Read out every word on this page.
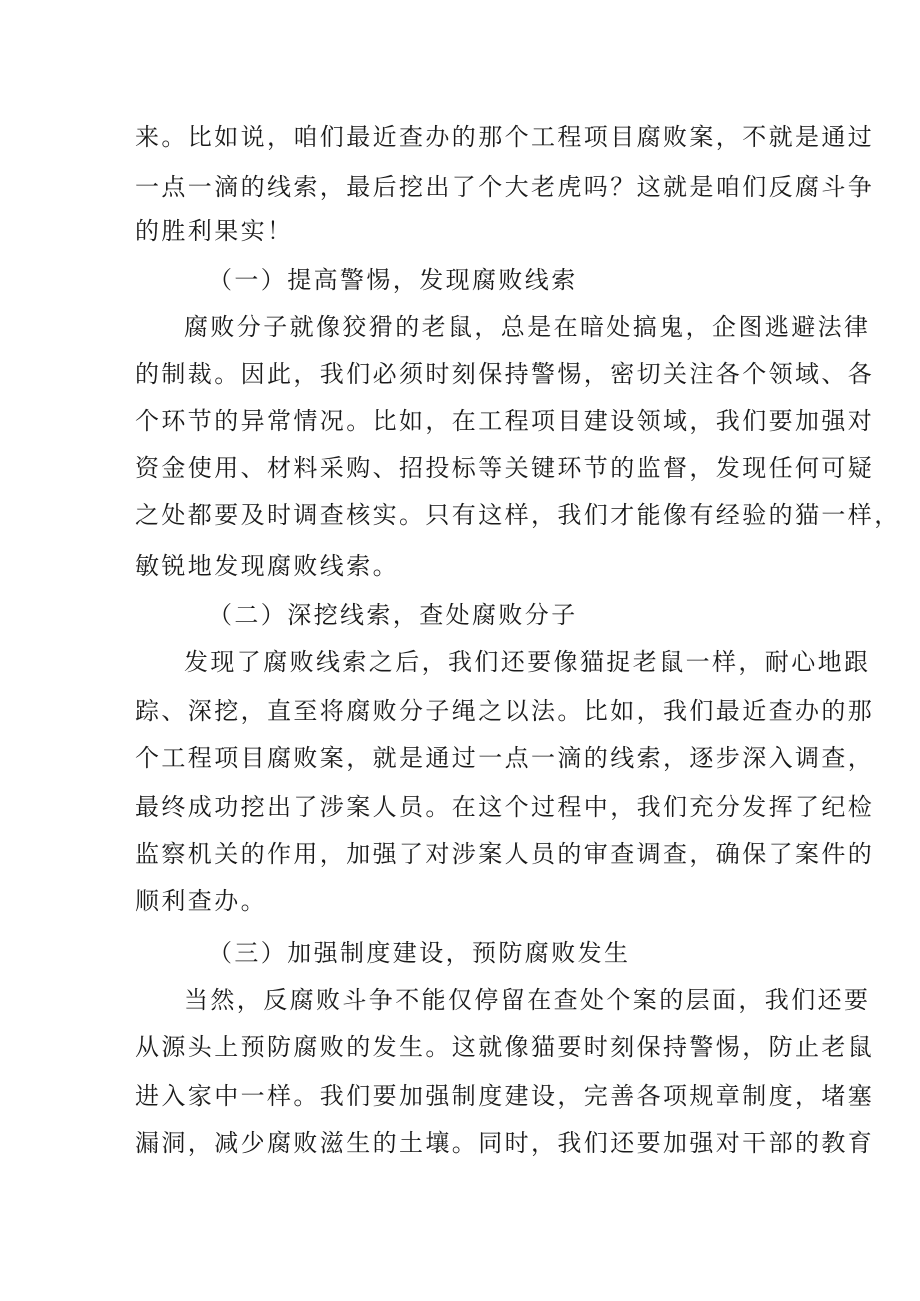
来。比如说，咱们最近查办的那个工程项目腐败案，不就是通过
一点一滴的线索，最后挖出了个大老虎吗？这就是咱们反腐斗争
的胜利果实！
（一）提高警惕，发现腐败线索
腐败分子就像狡猾的老鼠，总是在暗处搞鬼，企图逃避法律
的制裁。因此，我们必须时刻保持警惕，密切关注各个领域、各
个环节的异常情况。比如，在工程项目建设领域，我们要加强对
资金使用、材料采购、招投标等关键环节的监督，发现任何可疑
之处都要及时调查核实。只有这样，我们才能像有经验的猫一样，
敏锐地发现腐败线索。
（二）深挖线索，查处腐败分子
发现了腐败线索之后，我们还要像猫捉老鼠一样，耐心地跟
踪、深挖，直至将腐败分子绳之以法。比如，我们最近查办的那
个工程项目腐败案，就是通过一点一滴的线索，逐步深入调查，
最终成功挖出了涉案人员。在这个过程中，我们充分发挥了纪检
监察机关的作用，加强了对涉案人员的审查调查，确保了案件的
顺利查办。
（三）加强制度建设，预防腐败发生
当然，反腐败斗争不能仅停留在查处个案的层面，我们还要
从源头上预防腐败的发生。这就像猫要时刻保持警惕，防止老鼠
进入家中一样。我们要加强制度建设，完善各项规章制度，堵塞
漏洞，减少腐败滋生的土壤。同时，我们还要加强对干部的教育
